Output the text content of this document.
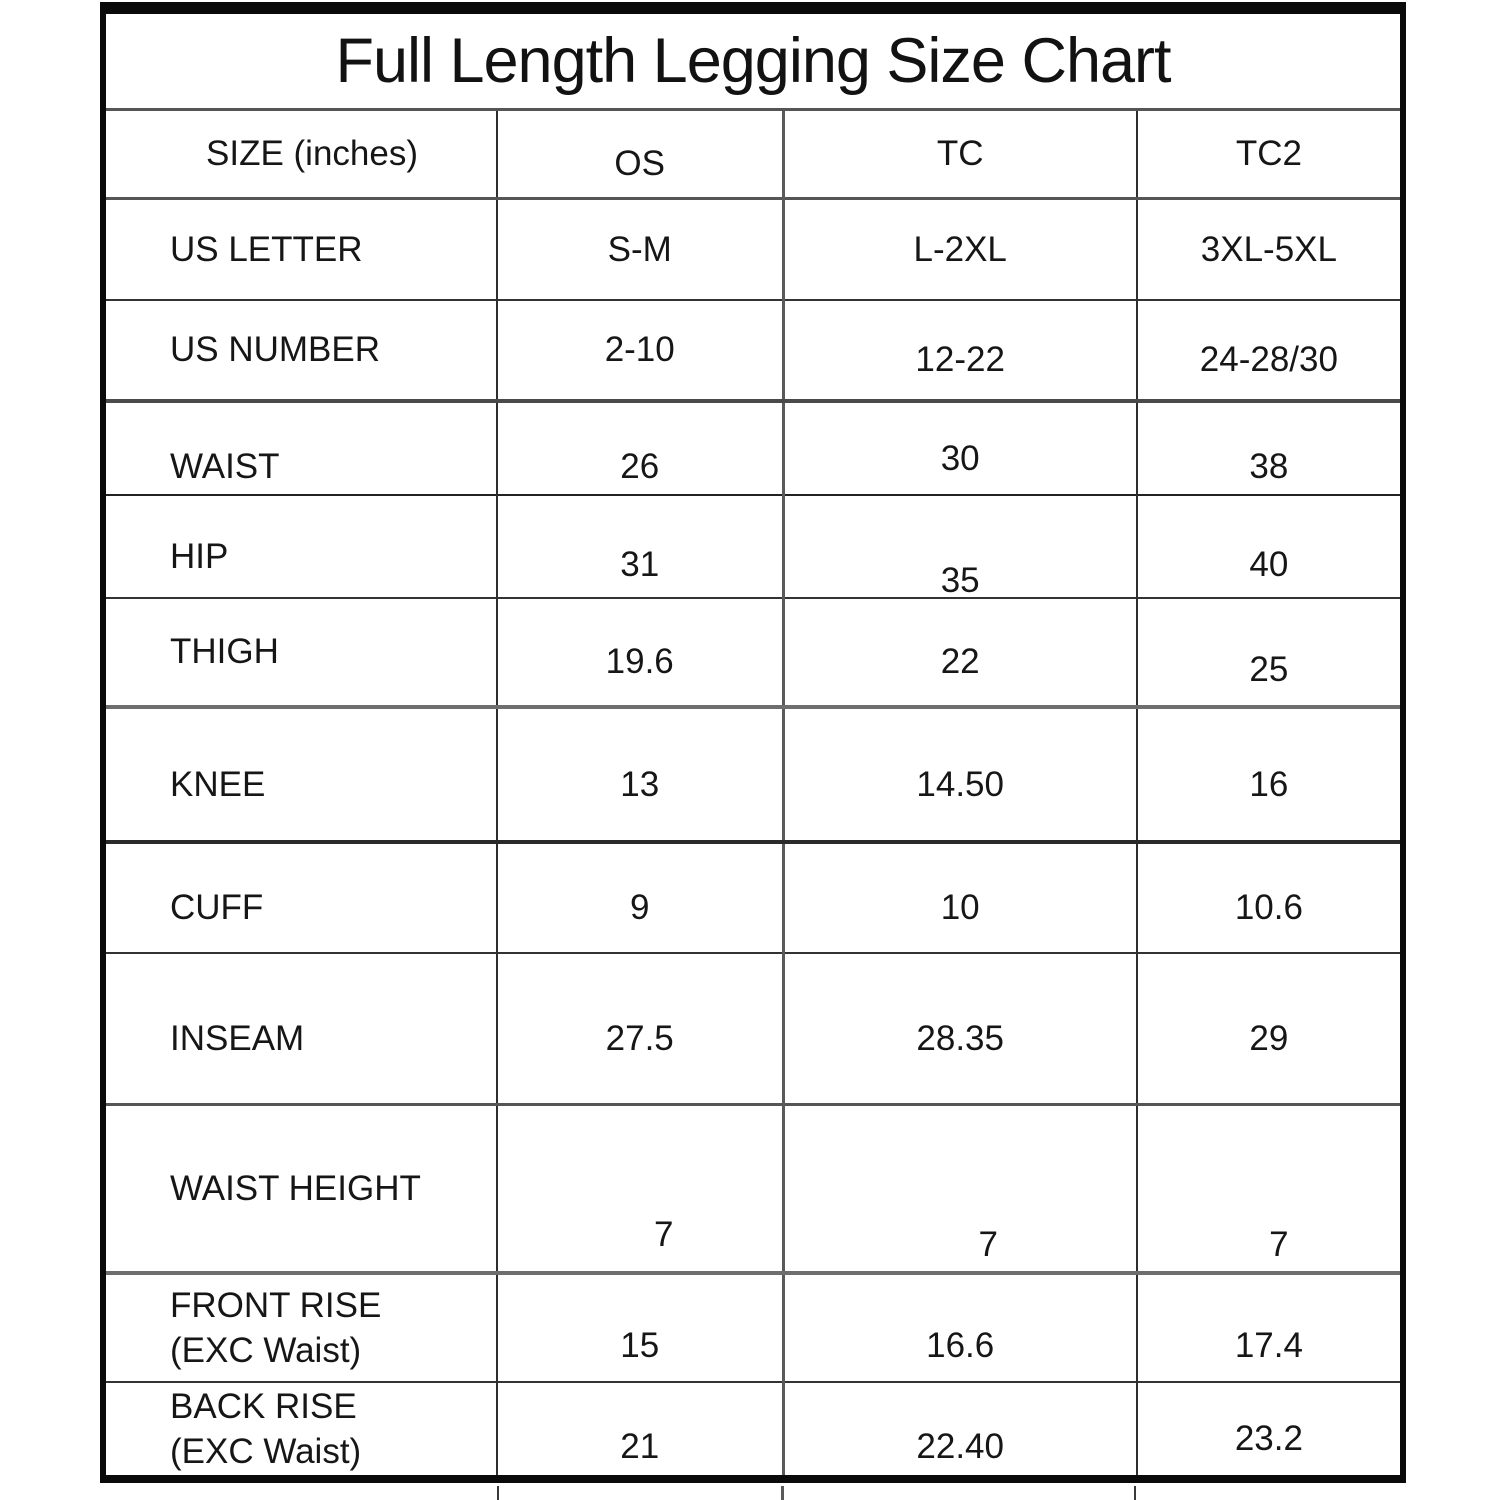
Full Length Legging Size Chart			
SIZE (inches)	OS	TC	TC2
US LETTER	S-M	L-2XL	3XL-5XL
US NUMBER	2-10	12-22	24-28/30
WAIST	26	30	38
HIP	31	35	40
THIGH	19.6	22	25
KNEE	13	14.50	16
CUFF	9	10	10.6
INSEAM	27.5	28.35	29
WAIST HEIGHT	7	7	7

FRONT RISE
(EXC Waist)	15	16.6	17.4

BACK RISE
(EXC Waist)	21	22.40	23.2
